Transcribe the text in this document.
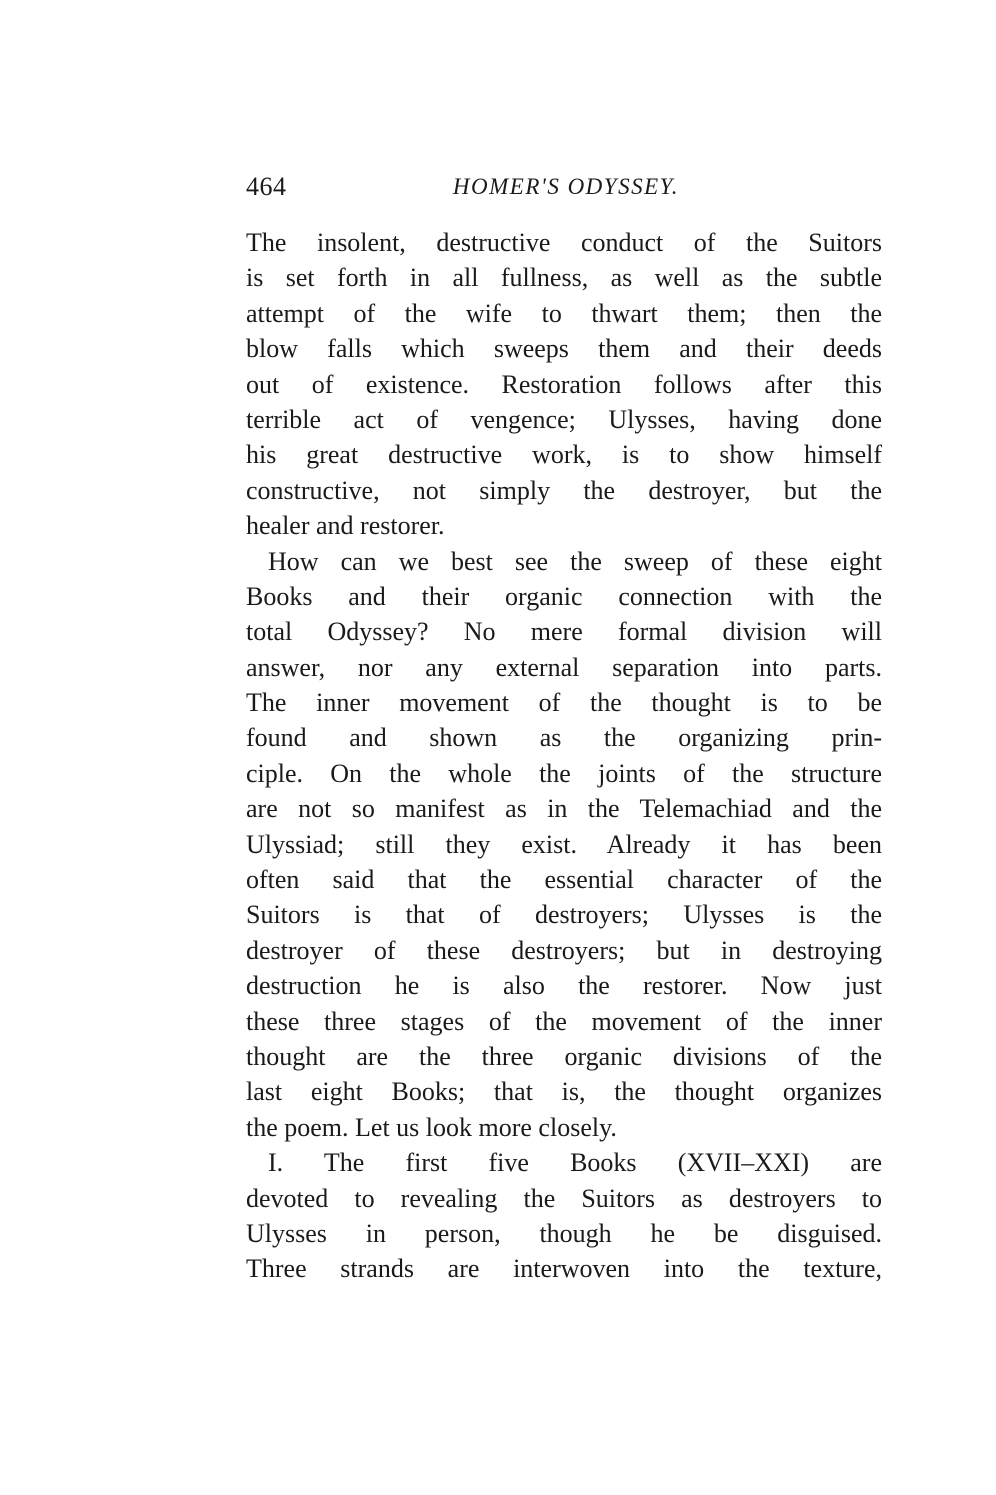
464	HOMER'S ODYSSEY.
The insolent, destructive conduct of the Suitors
is set forth in all fullness, as well as the subtle
attempt of the wife to thwart them; then the
blow falls which sweeps them and their deeds
out of existence. Restoration follows after this
terrible act of vengence; Ulysses, having done
his great destructive work, is to show himself
constructive, not simply the destroyer, but the
healer and restorer.
How can we best see the sweep of these eight
Books and their organic connection with the
total Odyssey? No mere formal division will
answer, nor any external separation into parts.
The inner movement of the thought is to be
found and shown as the organizing prin-
ciple. On the whole the joints of the structure
are not so manifest as in the Telemachiad and the
Ulyssiad; still they exist. Already it has been
often said that the essential character of the
Suitors is that of destroyers; Ulysses is the
destroyer of these destroyers; but in destroying
destruction he is also the restorer. Now just
these three stages of the movement of the inner
thought are the three organic divisions of the
last eight Books; that is, the thought organizes
the poem. Let us look more closely.
I. The first five Books (XVII–XXI) are
devoted to revealing the Suitors as destroyers to
Ulysses in person, though he be disguised.
Three strands are interwoven into the texture,
